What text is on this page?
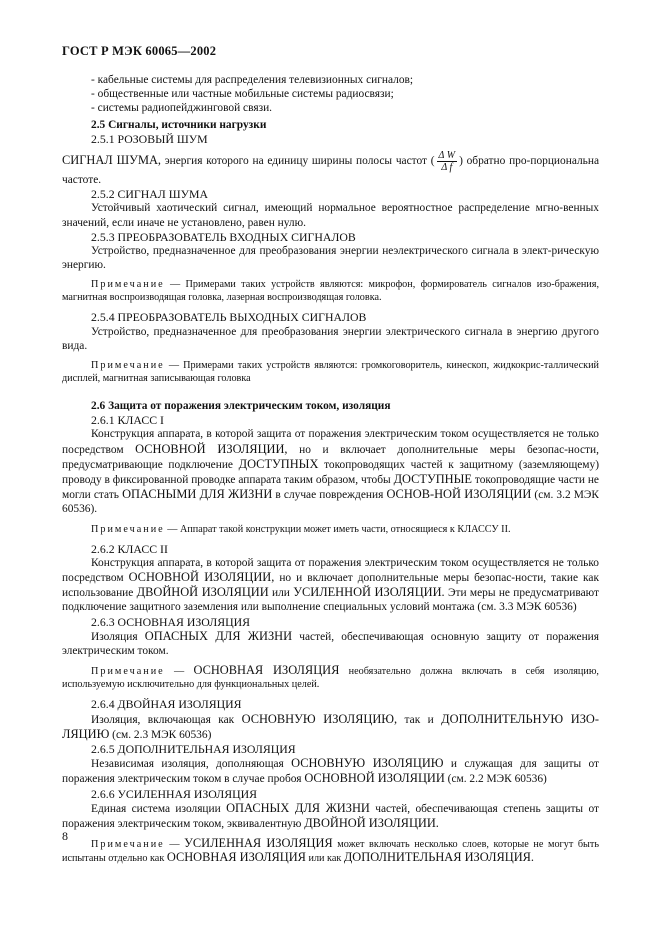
ГОСТ Р МЭК 60065—2002

- кабельные системы для распределения телевизионных сигналов;

- общественные или частные мобильные системы радиосвязи;

- системы радиопейджинговой связи.

2.5 Сигналы, источники нагрузки

2.5.1 РОЗОВЫЙ ШУМ

СИГНАЛ ШУМА, энергия которого на единицу ширины полосы частот ( $\frac{\text{Δ W}}{\text{Δ f}}$ ) обратно про-порциональна частоте.

2.5.2 СИГНАЛ ШУМА

Устойчивый хаотический сигнал, имеющий нормальное вероятностное распределение мгно-венных значений, если иначе не установлено, равен нулю.

2.5.3 ПРЕОБРАЗОВАТЕЛЬ ВХОДНЫХ СИГНАЛОВ

Устройство, предназначенное для преобразования энергии неэлектрического сигнала в элект-рическую энергию.

Примечание — Примерами таких устройств являются: микрофон, формирователь сигналов изо-бражения, магнитная воспроизводящая головка, лазерная воспроизводящая головка.

2.5.4 ПРЕОБРАЗОВАТЕЛЬ ВЫХОДНЫХ СИГНАЛОВ

Устройство, предназначенное для преобразования энергии электрического сигнала в энергию другого вида.

Примечание — Примерами таких устройств являются: громкоговоритель, кинескоп, жидкокрис-таллический дисплей, магнитная записывающая головка

2.6 Защита от поражения электрическим током, изоляция

2.6.1 КЛАСС I

Конструкция аппарата, в которой защита от поражения электрическим током осуществляется не только посредством ОСНОВНОЙ ИЗОЛЯЦИИ, но и включает дополнительные меры безопас-ности, предусматривающие подключение ДОСТУПНЫХ токопроводящих частей к защитному (заземляющему) проводу в фиксированной проводке аппарата таким образом, чтобы ДОСТУПНЫЕ токопроводящие части не могли стать ОПАСНЫМИ ДЛЯ ЖИЗНИ в случае повреждения ОСНОВ-НОЙ ИЗОЛЯЦИИ (см. 3.2 МЭК 60536).

Примечание — Аппарат такой конструкции может иметь части, относящиеся к КЛАССУ II.

2.6.2 КЛАСС II

Конструкция аппарата, в которой защита от поражения электрическим током осуществляется не только посредством ОСНОВНОЙ ИЗОЛЯЦИИ, но и включает дополнительные меры безопас-ности, такие как использование ДВОЙНОЙ ИЗОЛЯЦИИ или УСИЛЕННОЙ ИЗОЛЯЦИИ. Эти меры не предусматривают подключение защитного заземления или выполнение специальных условий монтажа (см. 3.3 МЭК 60536)

2.6.3 ОСНОВНАЯ ИЗОЛЯЦИЯ

Изоляция ОПАСНЫХ ДЛЯ ЖИЗНИ частей, обеспечивающая основную защиту от поражения электрическим током.

Примечание — ОСНОВНАЯ ИЗОЛЯЦИЯ необязательно должна включать в себя изоляцию, используемую исключительно для функциональных целей.

2.6.4 ДВОЙНАЯ ИЗОЛЯЦИЯ

Изоляция, включающая как ОСНОВНУЮ ИЗОЛЯЦИЮ, так и ДОПОЛНИТЕЛЬНУЮ ИЗО-ЛЯЦИЮ (см. 2.3 МЭК 60536)

2.6.5 ДОПОЛНИТЕЛЬНАЯ ИЗОЛЯЦИЯ

Независимая изоляция, дополняющая ОСНОВНУЮ ИЗОЛЯЦИЮ и служащая для защиты от поражения электрическим током в случае пробоя ОСНОВНОЙ ИЗОЛЯЦИИ (см. 2.2 МЭК 60536)

2.6.6 УСИЛЕННАЯ ИЗОЛЯЦИЯ

Единая система изоляции ОПАСНЫХ ДЛЯ ЖИЗНИ частей, обеспечивающая степень защиты от поражения электрическим током, эквивалентную ДВОЙНОЙ ИЗОЛЯЦИИ.

Примечание — УСИЛЕННАЯ ИЗОЛЯЦИЯ может включать несколько слоев, которые не могут быть испытаны отдельно как ОСНОВНАЯ ИЗОЛЯЦИЯ или как ДОПОЛНИТЕЛЬНАЯ ИЗОЛЯЦИЯ.

8
